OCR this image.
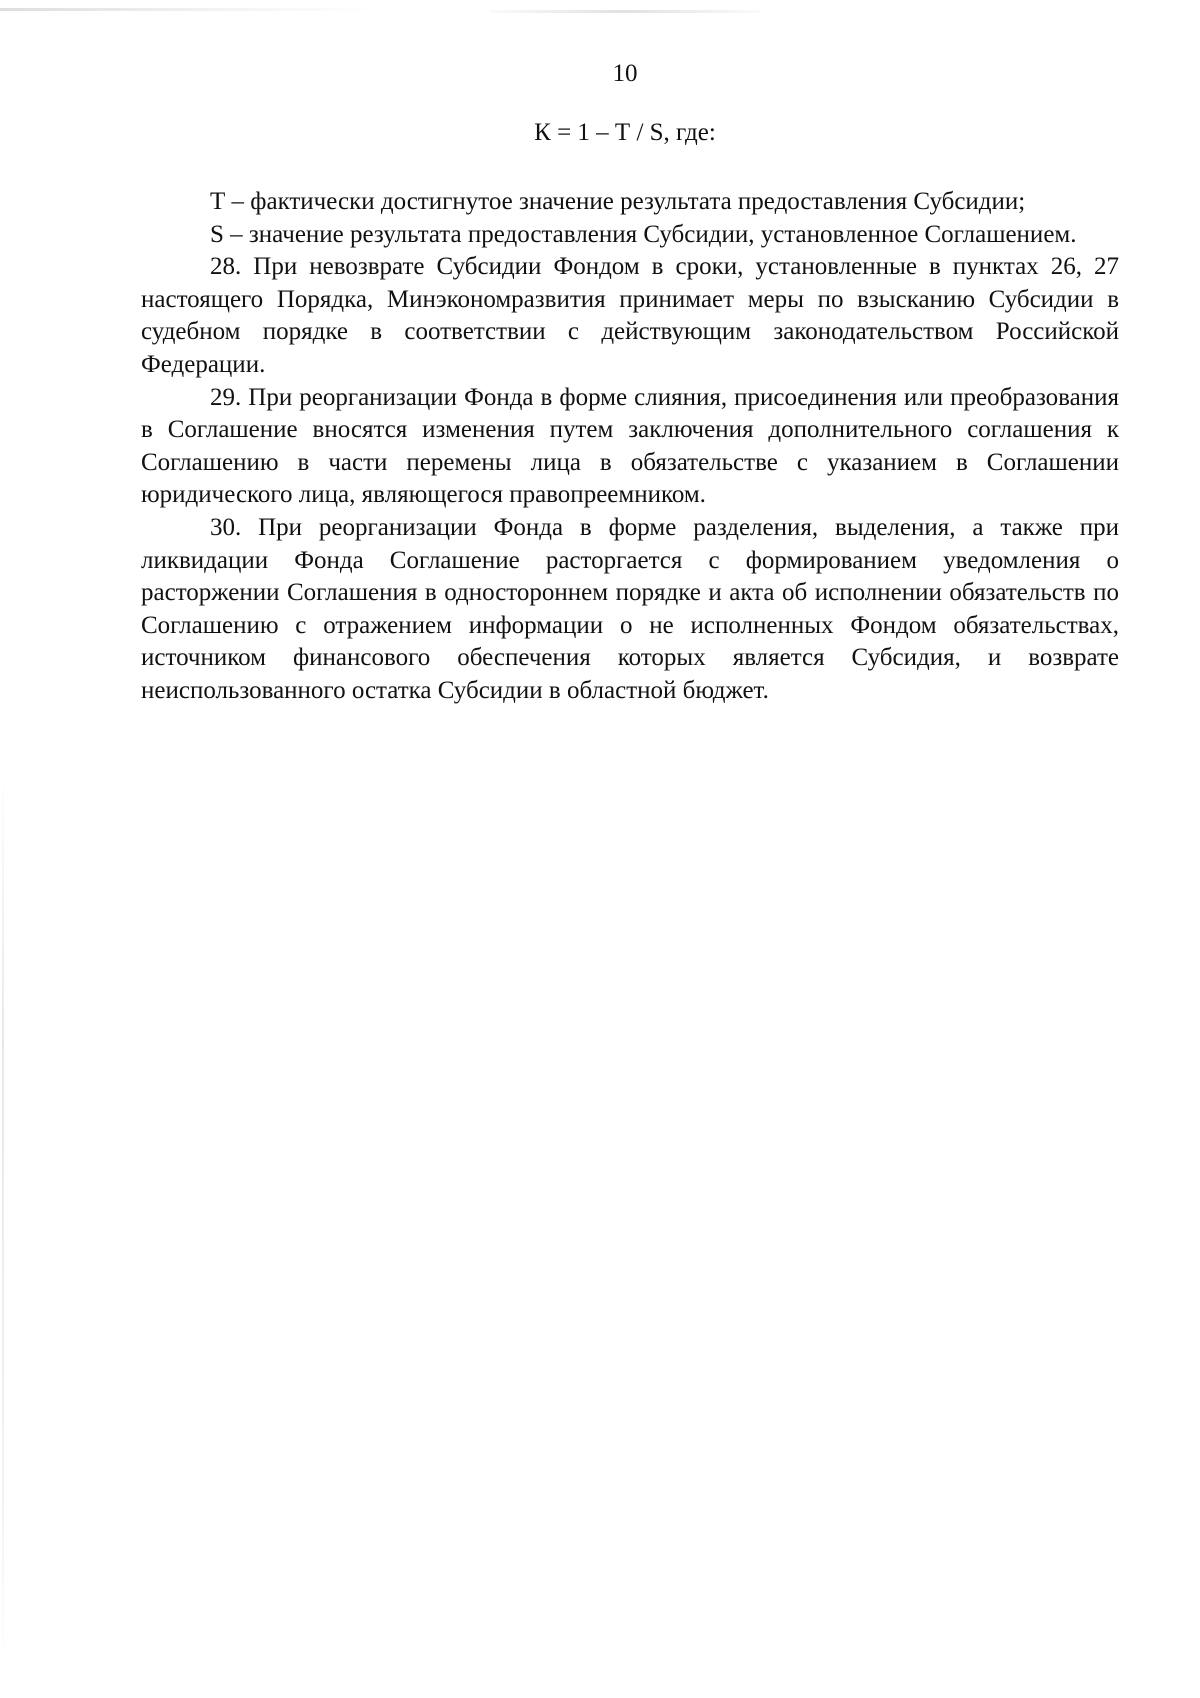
10
К = 1 – Т / S, где:

Т – фактически достигнутое значение результата предоставления Субсидии;

S – значение результата предоставления Субсидии, установленное Соглашением.

28. При невозврате Субсидии Фондом в сроки, установленные в пунктах 26, 27 настоящего Порядка, Минэкономразвития принимает меры по взысканию Субсидии в судебном порядке в соответствии с действующим законодательством Российской Федерации.

29. При реорганизации Фонда в форме слияния, присоединения или преобразования в Соглашение вносятся изменения путем заключения дополнительного соглашения к Соглашению в части перемены лица в обязательстве с указанием в Соглашении юридического лица, являющегося правопреемником.

30. При реорганизации Фонда в форме разделения, выделения, а также при ликвидации Фонда Соглашение расторгается с формированием уведомления о расторжении Соглашения в одностороннем порядке и акта об исполнении обязательств по Соглашению с отражением информации о не исполненных Фондом обязательствах, источником финансового обеспечения которых является Субсидия, и возврате неиспользованного остатка Субсидии в областной бюджет.
